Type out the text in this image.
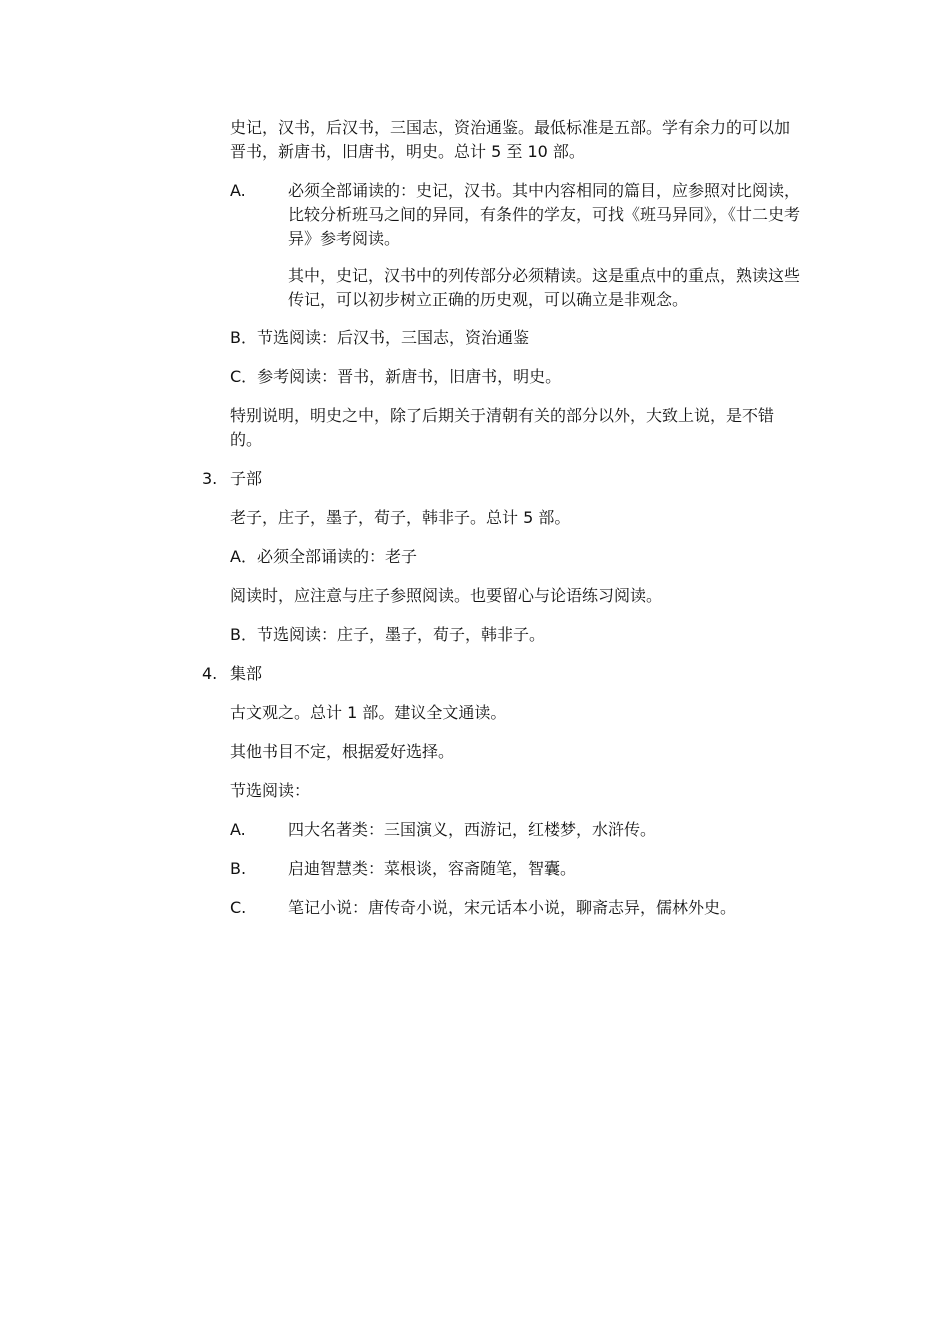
史记，汉书，后汉书，三国志，资治通鉴。最低标准是五部。学有余力的可以加晋书，新唐书，旧唐书，明史。总计 5 至 10 部。
A.	必须全部诵读的：史记，汉书。其中内容相同的篇目，应参照对比阅读，比较分析班马之间的异同，有条件的学友，可找《班马异同》，《廿二史考异》参考阅读。
其中，史记，汉书中的列传部分必须精读。这是重点中的重点，熟读这些传记，可以初步树立正确的历史观，可以确立是非观念。
B．节选阅读：后汉书，三国志，资治通鉴
C．参考阅读：晋书，新唐书，旧唐书，明史。
特别说明，明史之中，除了后期关于清朝有关的部分以外，大致上说，是不错的。
3. 子部
老子，庄子，墨子，荀子，韩非子。总计 5 部。
A．必须全部诵读的：老子
阅读时，应注意与庄子参照阅读。也要留心与论语练习阅读。
B．节选阅读：庄子，墨子，荀子，韩非子。
4. 集部
古文观之。总计 1 部。建议全文通读。
其他书目不定，根据爱好选择。
节选阅读：
A.	四大名著类：三国演义，西游记，红楼梦，水浒传。
B.	启迪智慧类：菜根谈，容斋随笔，智囊。
C.	笔记小说：唐传奇小说，宋元话本小说，聊斋志异，儒林外史。
